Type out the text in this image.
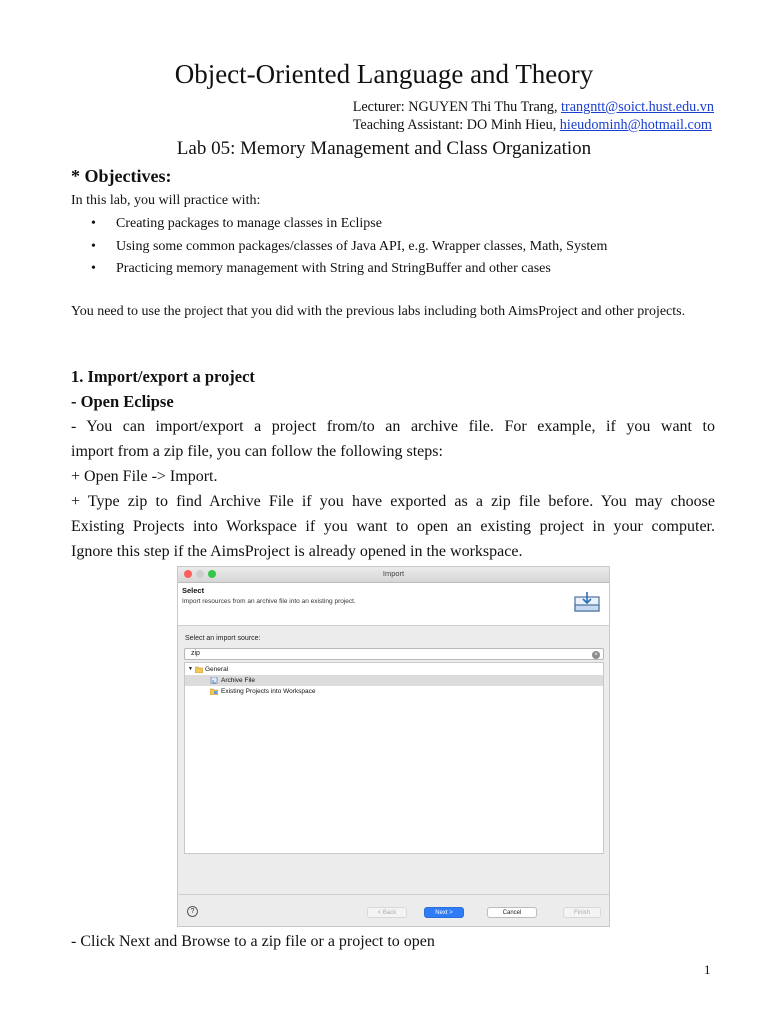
Object-Oriented Language and Theory
Lecturer: NGUYEN Thi Thu Trang, trangntt@soict.hust.edu.vn
Teaching Assistant: DO Minh Hieu, hieudominh@hotmail.com
Lab 05: Memory Management and Class Organization
* Objectives:
In this lab, you will practice with:
• Creating packages to manage classes in Eclipse
• Using some common packages/classes of Java API, e.g. Wrapper classes, Math, System
• Practicing memory management with String and StringBuffer and other cases
You need to use the project that you did with the previous labs including both AimsProject and other projects.
1. Import/export a project
- Open Eclipse
- You can import/export a project from/to an archive file. For example, if you want to
import from a zip file, you can follow the following steps:
+ Open File -> Import.
+ Type zip to find Archive File if you have exported as a zip file before. You may choose
Existing Projects into Workspace if you want to open an existing project in your computer.
Ignore this step if the AimsProject is already opened in the workspace.
Import
Select
Import resources from an archive file into an existing project.
Select an import source:
zip	×
▼ General
Archive File
Existing Projects into Workspace
?	< Back	Next >	Cancel	Finish
- Click Next and Browse to a zip file or a project to open
1
